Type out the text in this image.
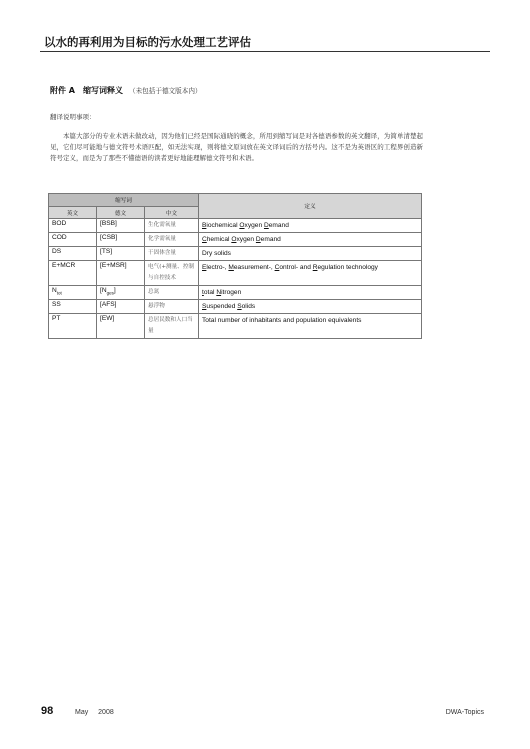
以水的再利用为目标的污水处理工艺评估
附件 A　缩写词释义 （未包括于德文版本内）
翻译说明事项：
本篇大部分的专业术语未做改动，因为他们已经是国际通晓的概念，所用到缩写词是对各德语参数的英文翻译，为简单清楚起见，它们尽可能地与德文符号术语匹配，如无法实现，则将德文原词放在英文译词后的方括号内。这不是为英语区的工程界创造新符号定义，而是为了那些不懂德语的读者更好地能理解德文符号和术语。
缩写词			定义
英文	德文	中文	
BOD	[BSB]	生化需氧量	Biochemical Oxygen Demand
COD	[CSB]	化学需氧量	Chemical Oxygen Demand
DS	[TS]	干固体含量	Dry solids
E+MCR	[E+MSR]	电气(+测量、控制与自控技术	Electro-, Measurement-, Control- and Regulation technology
$N_{tot}$	$[N_{ges}]$	总氮	total Nitrogen
SS	[AFS]	悬浮物	Suspended Solids
PT	[EW]	总居民数和人口当量	Total number of inhabitants and population equivalents
98	May 2008	DWA-Topics
